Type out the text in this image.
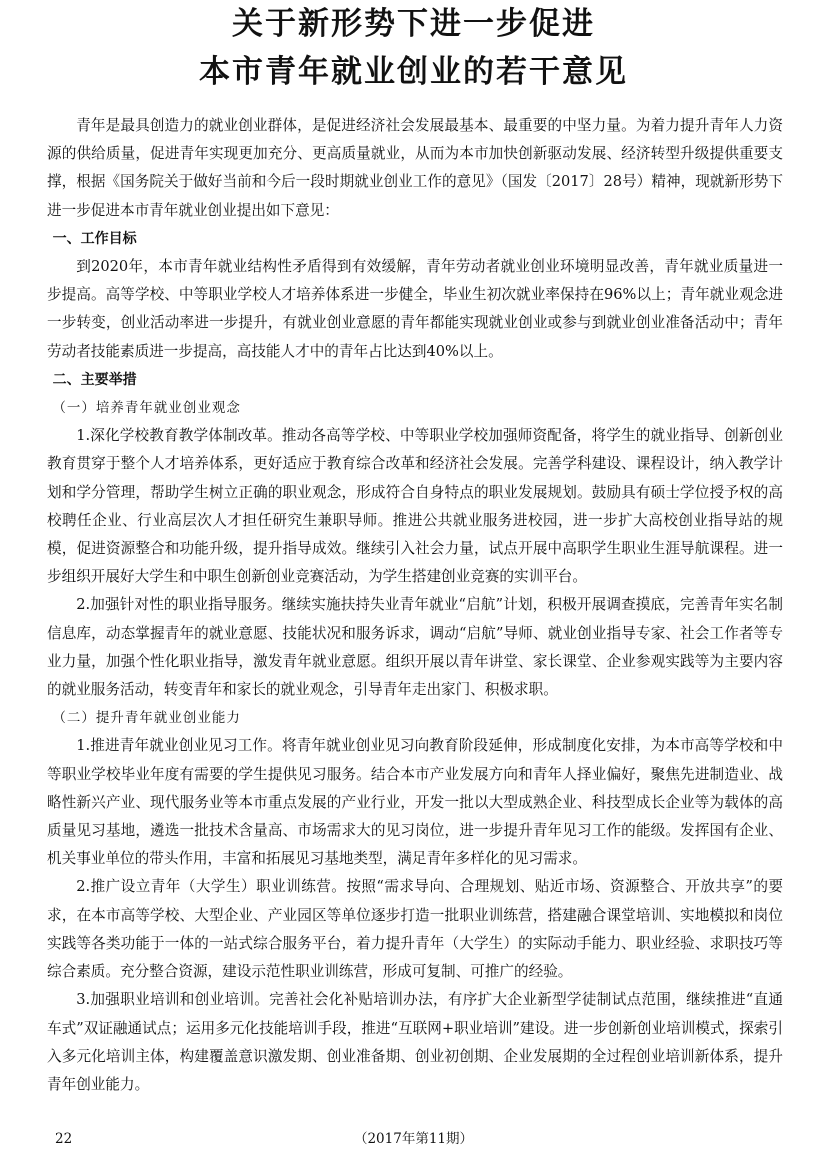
关于新形势下进一步促进
本市青年就业创业的若干意见

青年是最具创造力的就业创业群体，是促进经济社会发展最基本、最重要的中坚力量。为着力提升青年人力资源的供给质量，促进青年实现更加充分、更高质量就业，从而为本市加快创新驱动发展、经济转型升级提供重要支撑，根据《国务院关于做好当前和今后一段时期就业创业工作的意见》（国发〔2017〕28号）精神，现就新形势下进一步促进本市青年就业创业提出如下意见：

一、工作目标

到2020年，本市青年就业结构性矛盾得到有效缓解，青年劳动者就业创业环境明显改善，青年就业质量进一步提高。高等学校、中等职业学校人才培养体系进一步健全，毕业生初次就业率保持在96%以上；青年就业观念进一步转变，创业活动率进一步提升，有就业创业意愿的青年都能实现就业创业或参与到就业创业准备活动中；青年劳动者技能素质进一步提高，高技能人才中的青年占比达到40%以上。

二、主要举措

（一）培养青年就业创业观念

1.深化学校教育教学体制改革。推动各高等学校、中等职业学校加强师资配备，将学生的就业指导、创新创业教育贯穿于整个人才培养体系，更好适应于教育综合改革和经济社会发展。完善学科建设、课程设计，纳入教学计划和学分管理，帮助学生树立正确的职业观念，形成符合自身特点的职业发展规划。鼓励具有硕士学位授予权的高校聘任企业、行业高层次人才担任研究生兼职导师。推进公共就业服务进校园，进一步扩大高校创业指导站的规模，促进资源整合和功能升级，提升指导成效。继续引入社会力量，试点开展中高职学生职业生涯导航课程。进一步组织开展好大学生和中职生创新创业竞赛活动，为学生搭建创业竞赛的实训平台。

2.加强针对性的职业指导服务。继续实施扶持失业青年就业“启航”计划，积极开展调查摸底，完善青年实名制信息库，动态掌握青年的就业意愿、技能状况和服务诉求，调动“启航”导师、就业创业指导专家、社会工作者等专业力量，加强个性化职业指导，激发青年就业意愿。组织开展以青年讲堂、家长课堂、企业参观实践等为主要内容的就业服务活动，转变青年和家长的就业观念，引导青年走出家门、积极求职。

（二）提升青年就业创业能力

1.推进青年就业创业见习工作。将青年就业创业见习向教育阶段延伸，形成制度化安排，为本市高等学校和中等职业学校毕业年度有需要的学生提供见习服务。结合本市产业发展方向和青年人择业偏好，聚焦先进制造业、战略性新兴产业、现代服务业等本市重点发展的产业行业，开发一批以大型成熟企业、科技型成长企业等为载体的高质量见习基地，遴选一批技术含量高、市场需求大的见习岗位，进一步提升青年见习工作的能级。发挥国有企业、机关事业单位的带头作用，丰富和拓展见习基地类型，满足青年多样化的见习需求。

2.推广设立青年（大学生）职业训练营。按照“需求导向、合理规划、贴近市场、资源整合、开放共享”的要求，在本市高等学校、大型企业、产业园区等单位逐步打造一批职业训练营，搭建融合课堂培训、实地模拟和岗位实践等各类功能于一体的一站式综合服务平台，着力提升青年（大学生）的实际动手能力、职业经验、求职技巧等综合素质。充分整合资源，建设示范性职业训练营，形成可复制、可推广的经验。

3.加强职业培训和创业培训。完善社会化补贴培训办法，有序扩大企业新型学徒制试点范围，继续推进“直通车式”双证融通试点；运用多元化技能培训手段，推进“互联网+职业培训”建设。进一步创新创业培训模式，探索引入多元化培训主体，构建覆盖意识激发期、创业准备期、创业初创期、企业发展期的全过程创业培训新体系，提升青年创业能力。

22	（2017年第11期）
